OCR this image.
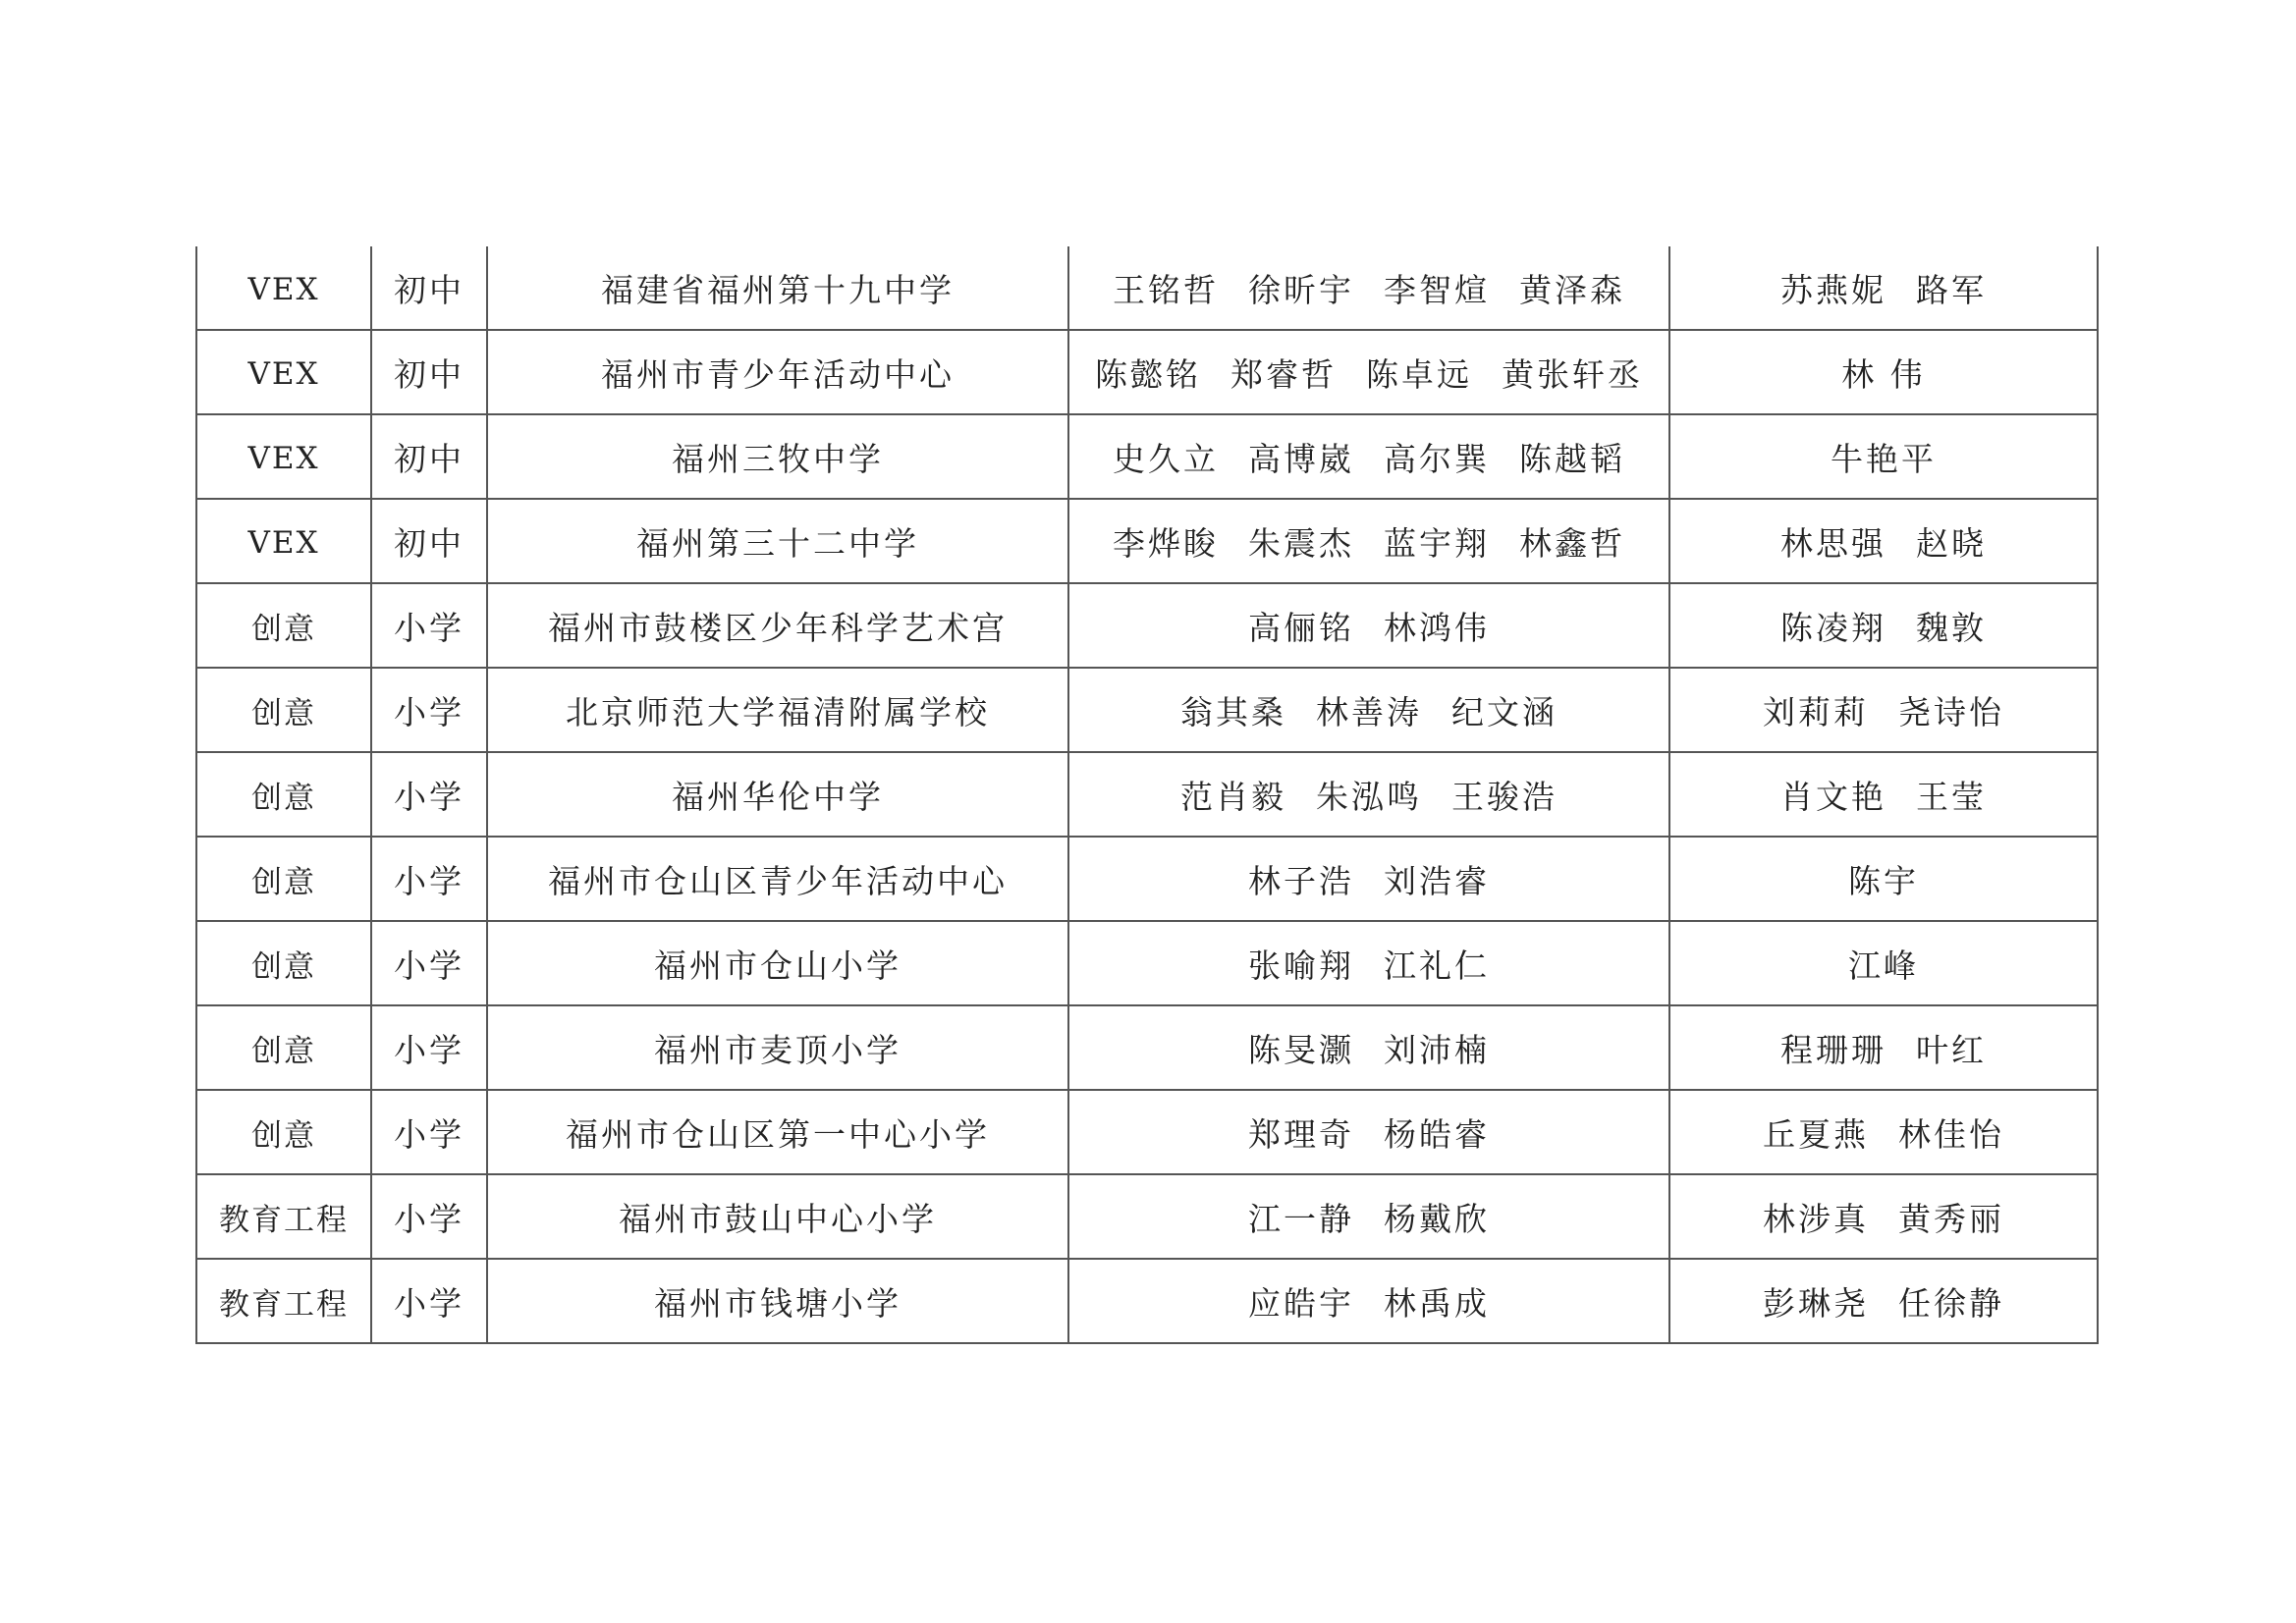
VEX	初中	福建省福州第十九中学	王铭哲 徐昕宇 李智煊 黄泽森	苏燕妮 路军
VEX	初中	福州市青少年活动中心	陈懿铭 郑睿哲 陈卓远 黄张轩丞	林 伟
VEX	初中	福州三牧中学	史久立 高博崴 高尔巽 陈越韬	牛艳平
VEX	初中	福州第三十二中学	李烨睃 朱震杰 蓝宇翔 林鑫哲	林思强 赵晓
创意	小学	福州市鼓楼区少年科学艺术宫	高俪铭 林鸿伟	陈凌翔 魏敦
创意	小学	北京师范大学福清附属学校	翁其桑 林善涛 纪文涵	刘莉莉 尧诗怡
创意	小学	福州华伦中学	范肖毅 朱泓鸣 王骏浩	肖文艳 王莹
创意	小学	福州市仓山区青少年活动中心	林子浩 刘浩睿	陈宇
创意	小学	福州市仓山小学	张喻翔 江礼仁	江峰
创意	小学	福州市麦顶小学	陈旻灏 刘沛楠	程珊珊 叶红
创意	小学	福州市仓山区第一中心小学	郑理奇 杨皓睿	丘夏燕 林佳怡
教育工程	小学	福州市鼓山中心小学	江一静 杨戴欣	林涉真 黄秀丽
教育工程	小学	福州市钱塘小学	应皓宇 林禹成	彭琳尧 任徐静
